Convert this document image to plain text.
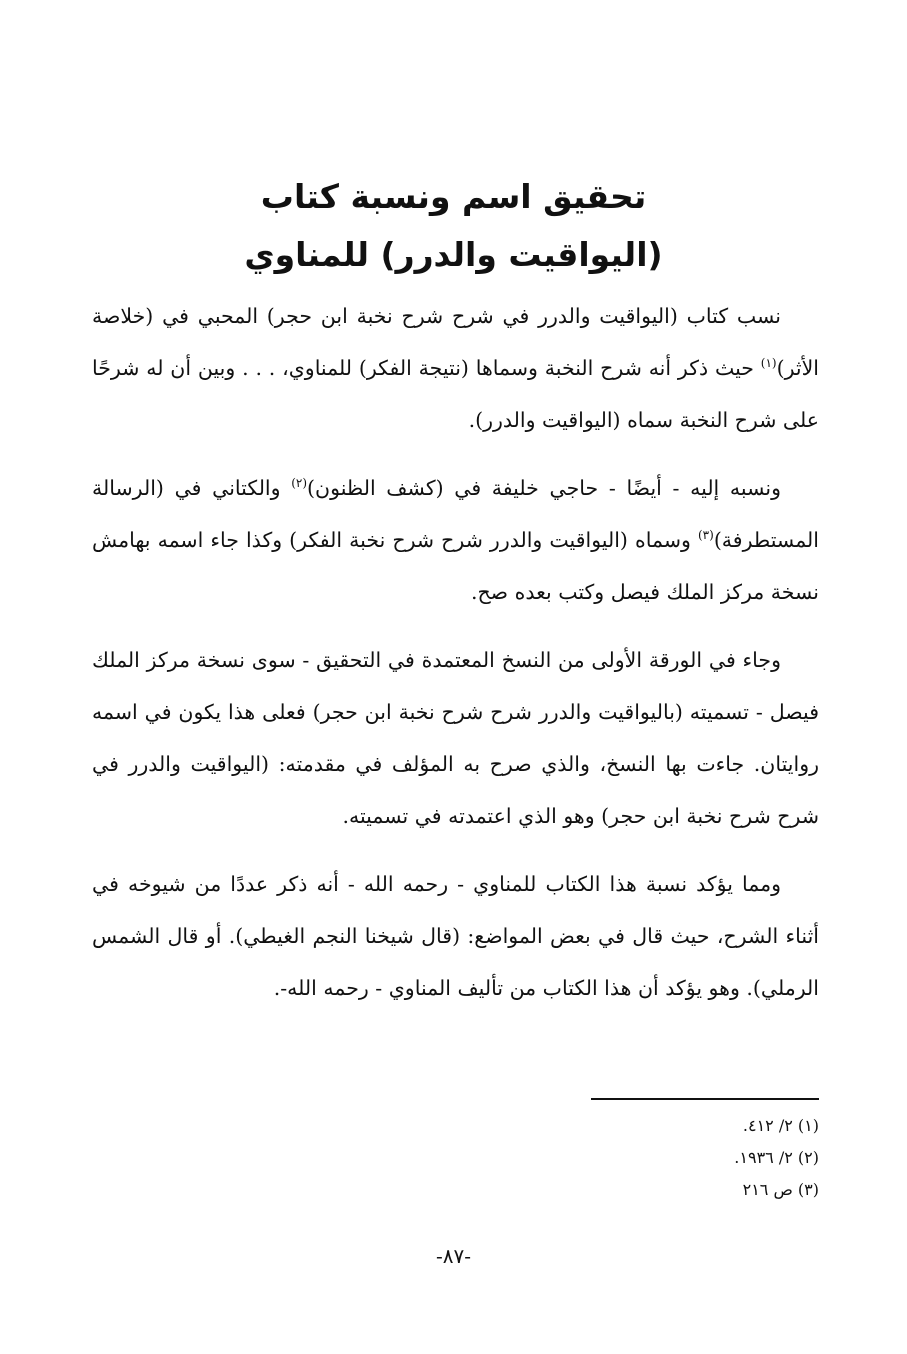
تحقيق اسم ونسبة كتاب
(اليواقيت والدرر) للمناوي

نسب كتاب (اليواقيت والدرر في شرح شرح نخبة ابن حجر) المحبي في (خلاصة الأثر)$^{(١)}$ حيث ذكر أنه شرح النخبة وسماها (نتيجة الفكر) للمناوي، . . . وبين أن له شرحًا على شرح النخبة سماه (اليواقيت والدرر).

ونسبه إليه - أيضًا - حاجي خليفة في (كشف الظنون)$^{(٢)}$ والكتاني في (الرسالة المستطرفة)$^{(٣)}$ وسماه (اليواقيت والدرر شرح شرح نخبة الفكر) وكذا جاء اسمه بهامش نسخة مركز الملك فيصل وكتب بعده صح.

وجاء في الورقة الأولى من النسخ المعتمدة في التحقيق - سوى نسخة مركز الملك فيصل - تسميته (باليواقيت والدرر شرح شرح نخبة ابن حجر) فعلى هذا يكون في اسمه روايتان. جاءت بها النسخ، والذي صرح به المؤلف في مقدمته: (اليواقيت والدرر في شرح شرح نخبة ابن حجر) وهو الذي اعتمدته في تسميته.

ومما يؤكد نسبة هذا الكتاب للمناوي - رحمه الله - أنه ذكر عددًا من شيوخه في أثناء الشرح، حيث قال في بعض المواضع: (قال شيخنا النجم الغيطي). أو قال الشمس الرملي). وهو يؤكد أن هذا الكتاب من تأليف المناوي - رحمه الله-.

(١) ٢/ ٤١٢.
(٢) ٢/ ١٩٣٦.
(٣) ص ٢١٦
-٨٧-
